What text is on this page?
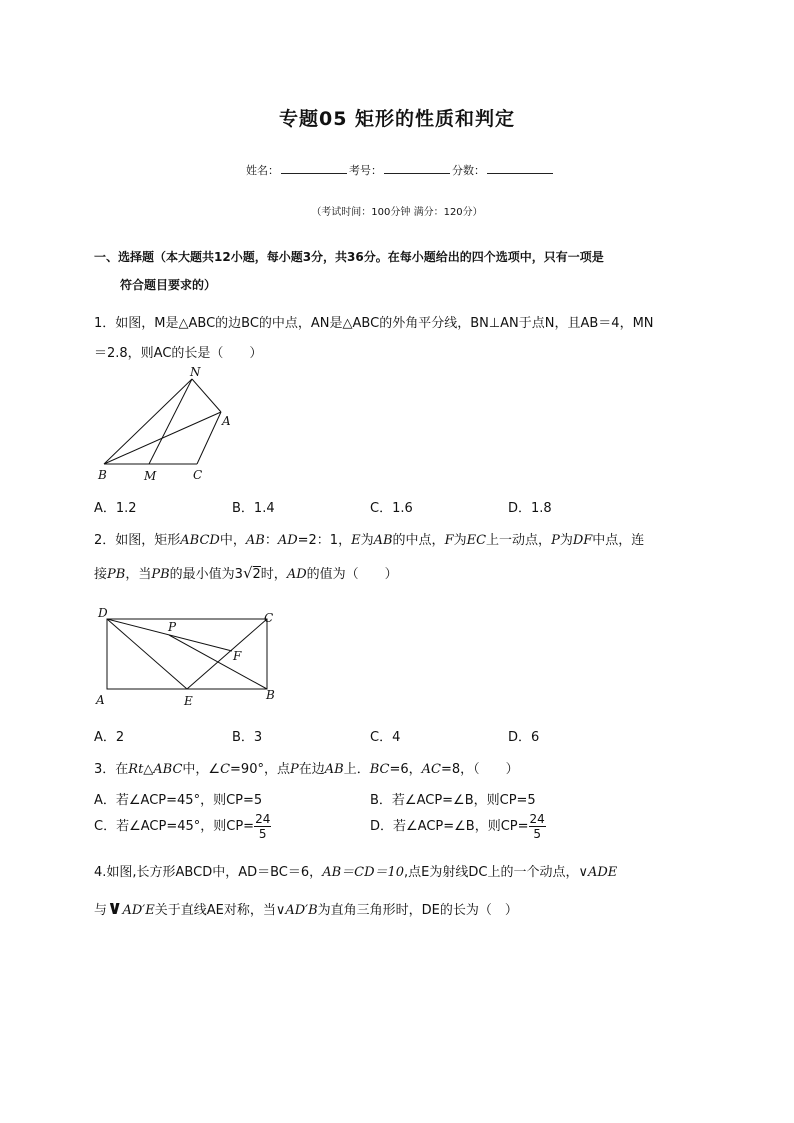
专题05 矩形的性质和判定
姓名：	考号：	分数：
（考试时间：100分钟 满分：120分）
一、选择题（本大题共12小题，每小题3分，共36分。在每小题给出的四个选项中，只有一项是
符合题目要求的）
1．如图，M是△ABC的边BC的中点，AN是△ABC的外角平分线，BN⊥AN于点N，且AB＝4，MN
＝2.8，则AC的长是（　　）
N
A
B	M	C
A．1.2	B．1.4	C．1.6	D．1.8
2．如图，矩形ABCD中，AB：AD=2：1，E为AB的中点，F为EC上一动点，P为DF中点，连
接PB，当PB的最小值为3√2时，AD的值为（　　）
D	C
P
F
A	E	B
A．2	B．3	C．4	D．6
3．在Rt△ABC中，∠C=90°，点P在边AB上．BC=6，AC=8，（　　）
A．若∠ACP=45°，则CP=5	B．若∠ACP=∠B，则CP=5
C．若∠ACP=45°，则$CP= \frac{24}{5}$	D．若∠ACP=∠B，则$CP= \frac{24}{5}$
4.如图,长方形ABCD中，AD＝BC＝6，AB＝CD＝10,点E为射线DC上的一个动点，∨ADE
与∨AD′E关于直线AE对称，当∨AD′B为直角三角形时，DE的长为（　）
